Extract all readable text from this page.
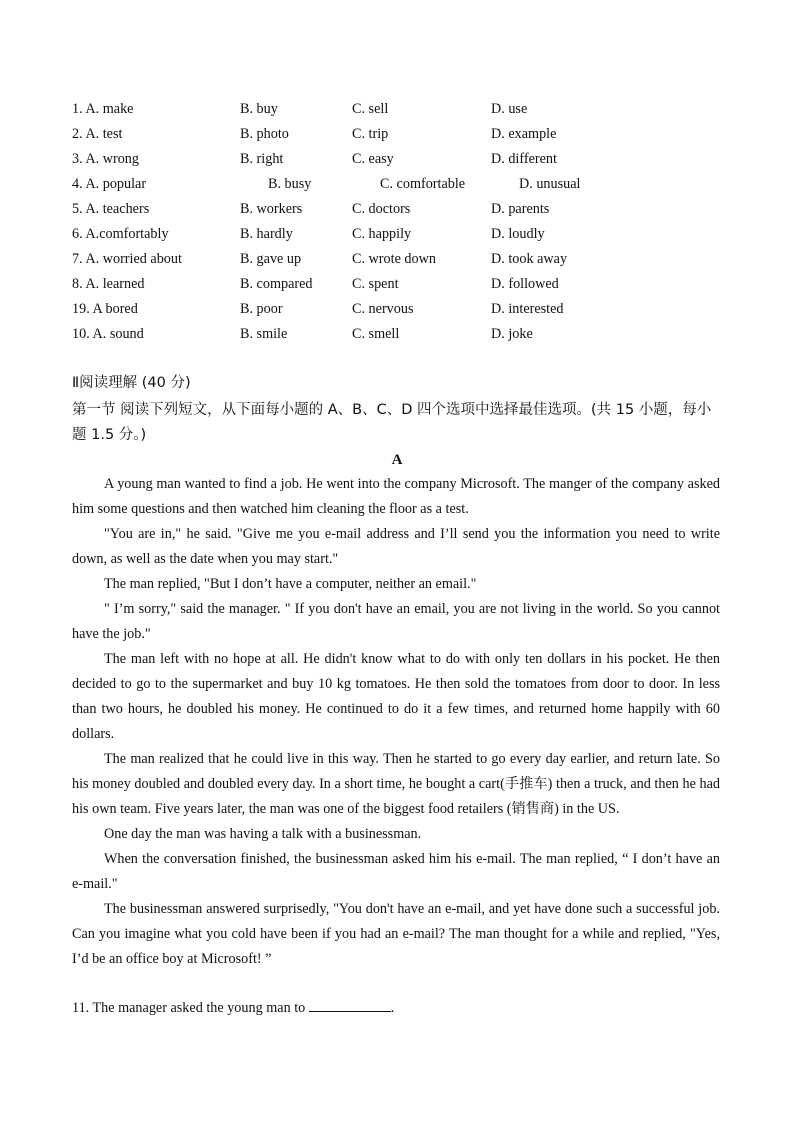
1. A. make	B. buy	C. sell	D. use
2. A. test	B. photo	C. trip	D. example
3. A. wrong	B. right	C. easy	D. different
4. A. popular	B. busy	C. comfortable	D. unusual
5. A. teachers	B. workers	C. doctors	D. parents
6. A.comfortably	B. hardly	C. happily	D. loudly
7. A. worried about	B. gave up	C. wrote down	D. took away
8. A. learned	B. compared	C. spent	D. followed
19. A bored	B. poor	C. nervous	D. interested
10. A. sound	B. smile	C. smell	D. joke
Ⅱ阅读理解 (40 分)
第一节 阅读下列短文，从下面每小题的 A、B、C、D 四个选项中选择最佳选项。(共 15 小题，每小题 1.5 分。)
A

A young man wanted to find a job. He went into the company Microsoft. The manger of the company asked him some questions and then watched him cleaning the floor as a test.

"You are in," he said. "Give me you e-mail address and I’ll send you the information you need to write down, as well as the date when you may start."

The man replied, "But I don’t have a computer, neither an email."

" I’m sorry," said the manager. " If you don't have an email, you are not living in the world. So you cannot have the job."

The man left with no hope at all. He didn't know what to do with only ten dollars in his pocket. He then decided to go to the supermarket and buy 10 kg tomatoes. He then sold the tomatoes from door to door. In less than two hours, he doubled his money. He continued to do it a few times, and returned home happily with 60 dollars.

The man realized that he could live in this way. Then he started to go every day earlier, and return late. So his money doubled and doubled every day. In a short time, he bought a cart(手推车) then a truck, and then he had his own team. Five years later, the man was one of the biggest food retailers (销售商) in the US.

One day the man was having a talk with a businessman.

When the conversation finished, the businessman asked him his e-mail. The man replied, “ I don’t have an e-mail."

The businessman answered surprisedly, "You don't have an e-mail, and yet have done such a successful job. Can you imagine what you cold have been if you had an e-mail? The man thought for a while and replied, "Yes, I’d be an office boy at Microsoft! ”

11. The manager asked the young man to	.
